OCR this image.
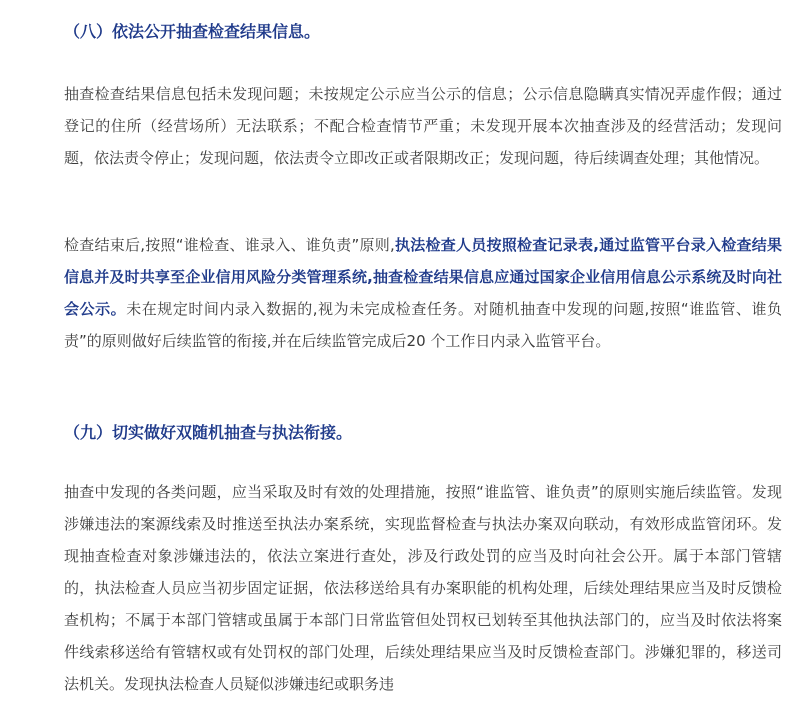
（八）依法公开抽查检查结果信息。

抽查检查结果信息包括未发现问题；未按规定公示应当公示的信息；公示信息隐瞒真实情况弄虚作假；通过登记的住所（经营场所）无法联系；不配合检查情节严重；未发现开展本次抽查涉及的经营活动；发现问题，依法责令停止；发现问题，依法责令立即改正或者限期改正；发现问题，待后续调查处理；其他情况。

检查结束后,按照“谁检查、谁录入、谁负责”原则,执法检查人员按照检查记录表,通过监管平台录入检查结果信息并及时共享至企业信用风险分类管理系统,抽查检查结果信息应通过国家企业信用信息公示系统及时向社会公示。未在规定时间内录入数据的,视为未完成检查任务。对随机抽查中发现的问题,按照“谁监管、谁负责”的原则做好后续监管的衔接,并在后续监管完成后20 个工作日内录入监管平台。

（九）切实做好双随机抽查与执法衔接。

抽查中发现的各类问题，应当采取及时有效的处理措施，按照“谁监管、谁负责”的原则实施后续监管。发现涉嫌违法的案源线索及时推送至执法办案系统，实现监督检查与执法办案双向联动，有效形成监管闭环。发现抽查检查对象涉嫌违法的，依法立案进行查处，涉及行政处罚的应当及时向社会公开。属于本部门管辖的，执法检查人员应当初步固定证据，依法移送给具有办案职能的机构处理，后续处理结果应当及时反馈检查机构；不属于本部门管辖或虽属于本部门日常监管但处罚权已划转至其他执法部门的，应当及时依法将案件线索移送给有管辖权或有处罚权的部门处理，后续处理结果应当及时反馈检查部门。涉嫌犯罪的，移送司法机关。发现执法检查人员疑似涉嫌违纪或职务违
